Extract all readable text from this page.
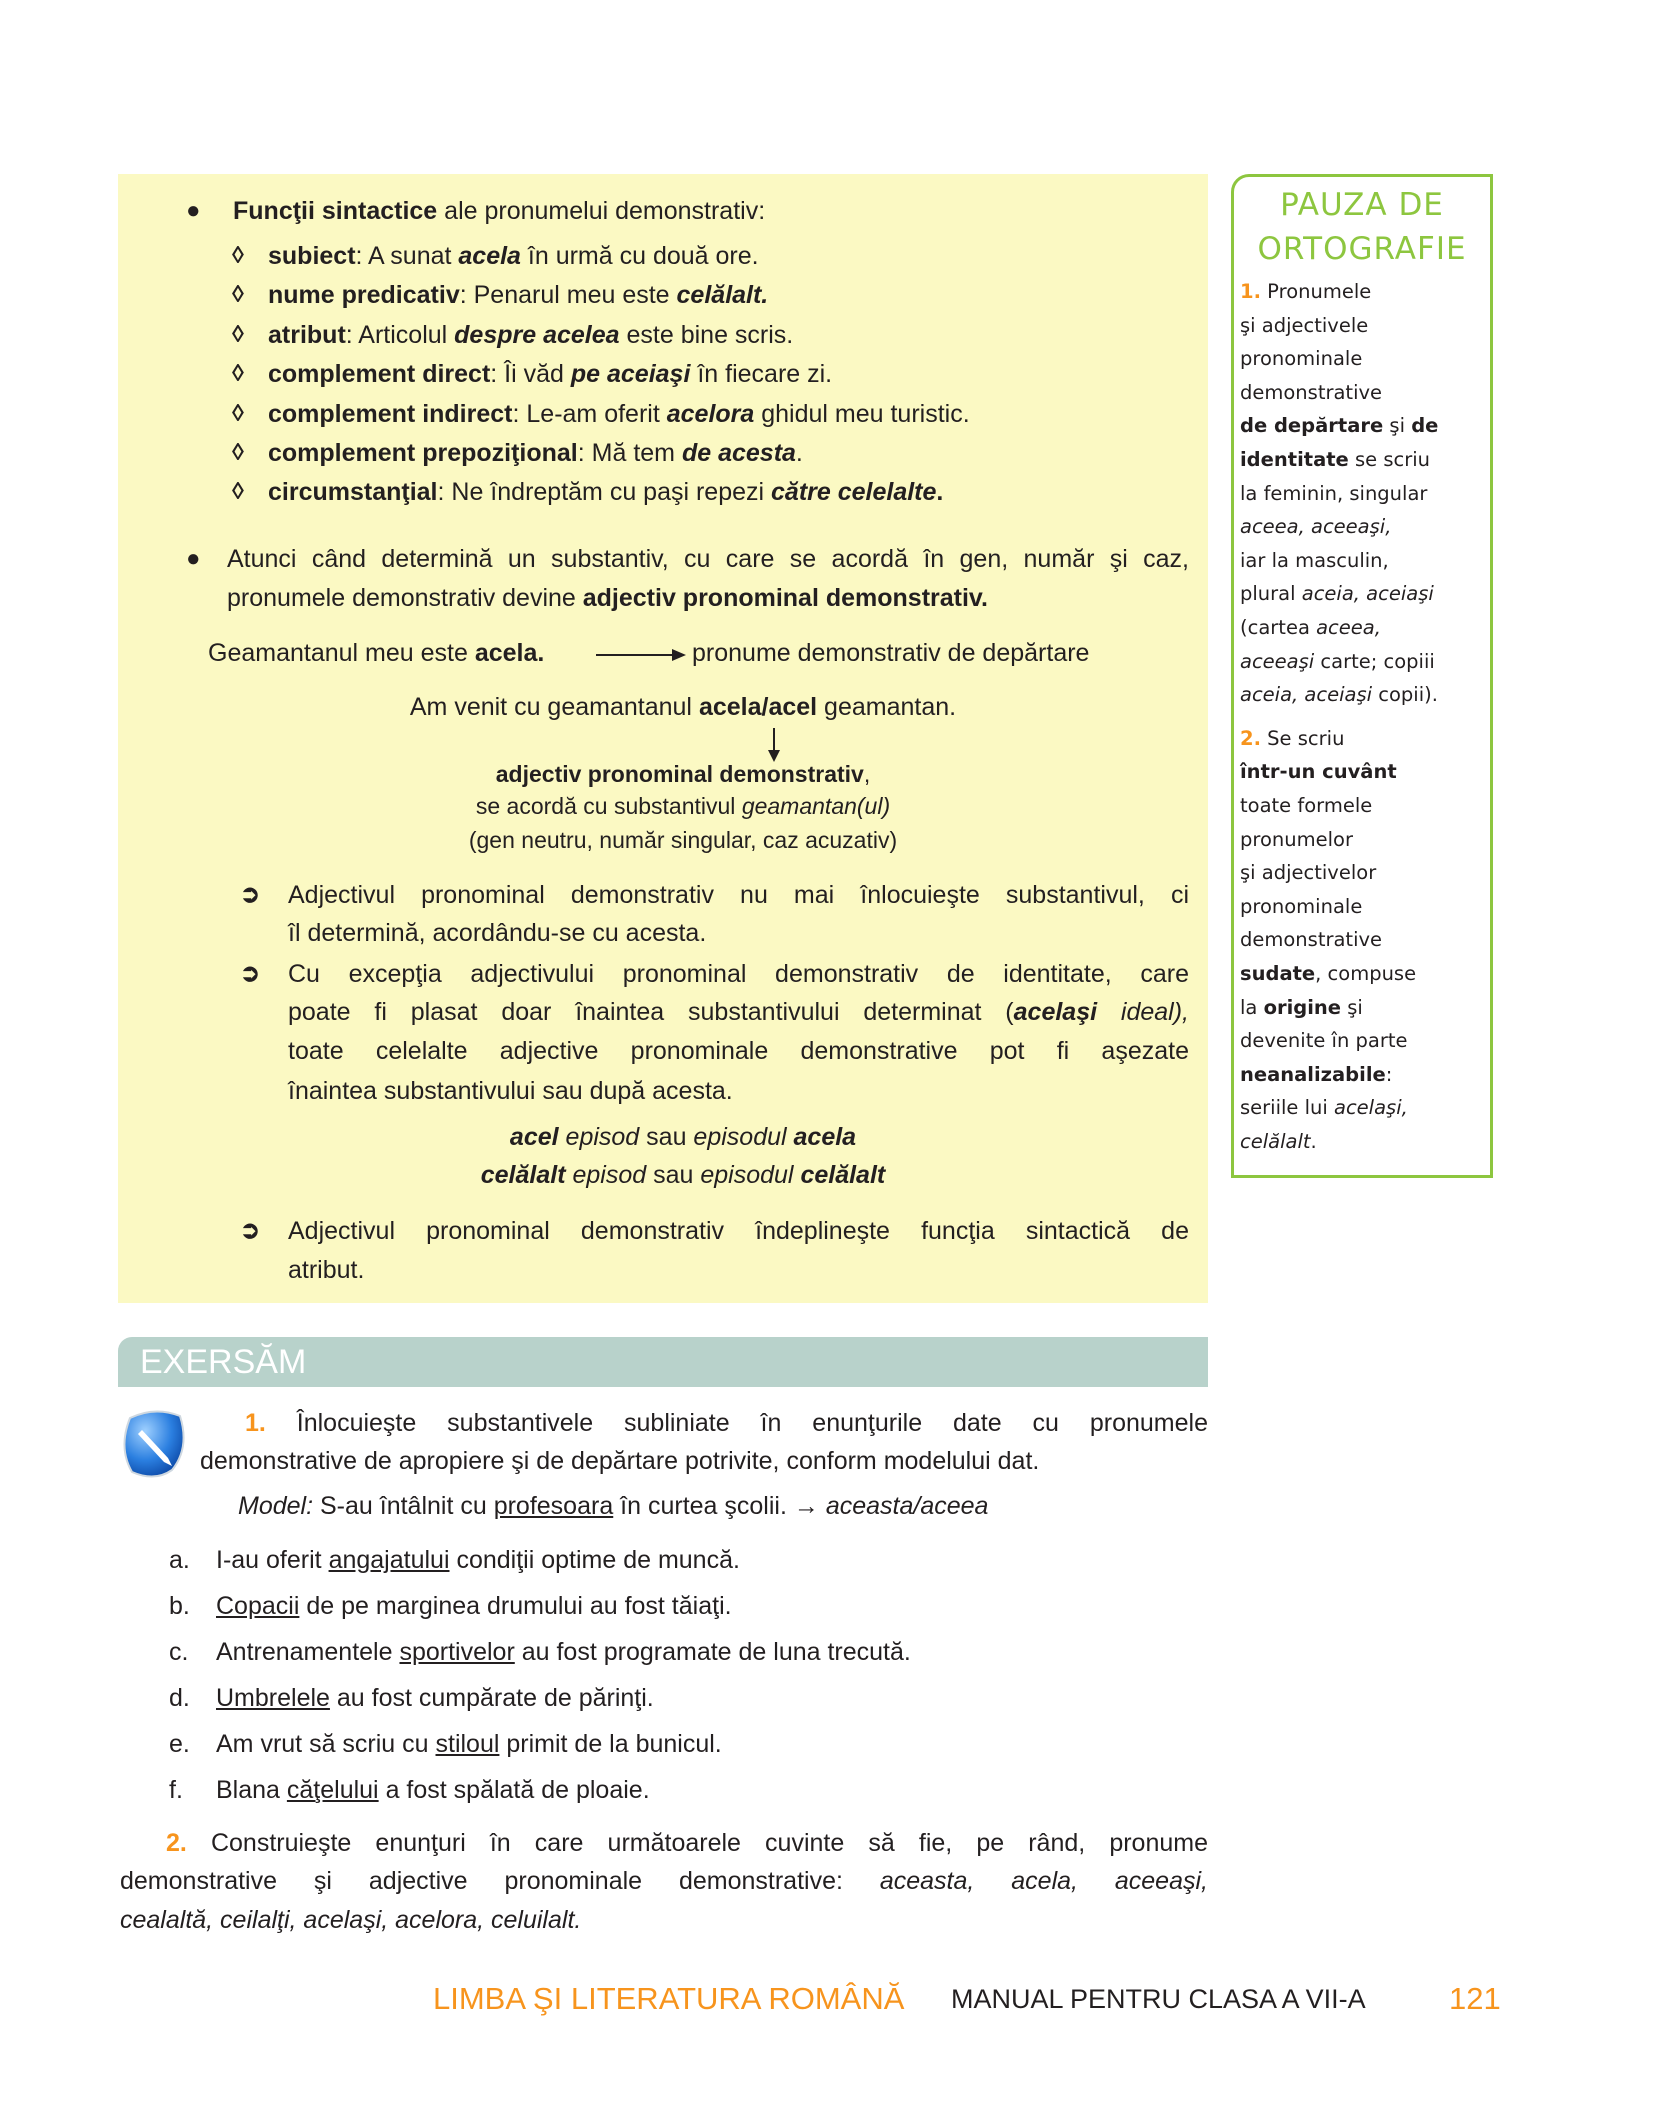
● Funcţii sintactice ale pronumelui demonstrativ:
◊ subiect: A sunat acela în urmă cu două ore.
◊ nume predicativ: Penarul meu este celălalt.
◊ atribut: Articolul despre acelea este bine scris.
◊ complement direct: Îi văd pe aceiaşi în fiecare zi.
◊ complement indirect: Le-am oferit acelora ghidul meu turistic.
◊ complement prepoziţional: Mă tem de acesta.
◊ circumstanţial: Ne îndreptăm cu paşi repezi către celelalte.
● Atunci când determină un substantiv, cu care se acordă în gen, număr şi caz,
pronumele demonstrativ devine adjectiv pronominal demonstrativ.
Geamantanul meu este acela.	pronume demonstrativ de depărtare
Am venit cu geamantanul acela/acel geamantan.
adjectiv pronominal demonstrativ,
se acordă cu substantivul geamantan(ul)
(gen neutru, număr singular, caz acuzativ)
➲ Adjectivul pronominal demonstrativ nu mai înlocuieşte substantivul, ci
îl determină, acordându-se cu acesta.
➲ Cu excepţia adjectivului pronominal demonstrativ de identitate, care
poate fi plasat doar înaintea substantivului determinat (acelaşi ideal),
toate celelalte adjective pronominale demonstrative pot fi aşezate
înaintea substantivului sau după acesta.
acel episod sau episodul acela
celălalt episod sau episodul celălalt
➲ Adjectivul pronominal demonstrativ îndeplineşte funcţia sintactică de
atribut.
PAUZA DE
ORTOGRAFIE
1. Pronumele
şi adjectivele
pronominale
demonstrative
de depărtare şi de
identitate se scriu
la feminin, singular
aceea, aceeaşi,
iar la masculin,
plural aceia, aceiaşi
(cartea aceea,
aceeaşi carte; copiii
aceia, aceiaşi copii).
2. Se scriu
într-un cuvânt
toate formele
pronumelor
şi adjectivelor
pronominale
demonstrative
sudate, compuse
la origine şi
devenite în parte
neanalizabile:
seriile lui acelaşi,
celălalt.
EXERSĂM
1. Înlocuieşte substantivele subliniate în enunţurile date cu pronumele
demonstrative de apropiere şi de depărtare potrivite, conform modelului dat.
Model: S-au întâlnit cu profesoara în curtea şcolii. → aceasta/aceea
a. I-au oferit angajatului condiţii optime de muncă.
b. Copacii de pe marginea drumului au fost tăiaţi.
c. Antrenamentele sportivelor au fost programate de luna trecută.
d. Umbrelele au fost cumpărate de părinţi.
e. Am vrut să scriu cu stiloul primit de la bunicul.
f. Blana căţelului a fost spălată de ploaie.
2. Construieşte enunţuri în care următoarele cuvinte să fie, pe rând, pronume
demonstrative şi adjective pronominale demonstrative: aceasta, acela, aceeaşi,
cealaltă, ceilalţi, acelaşi, acelora, celuilalt.
LIMBA ŞI LITERATURA ROMÂNĂ MANUAL PENTRU CLASA A VII-A	121
